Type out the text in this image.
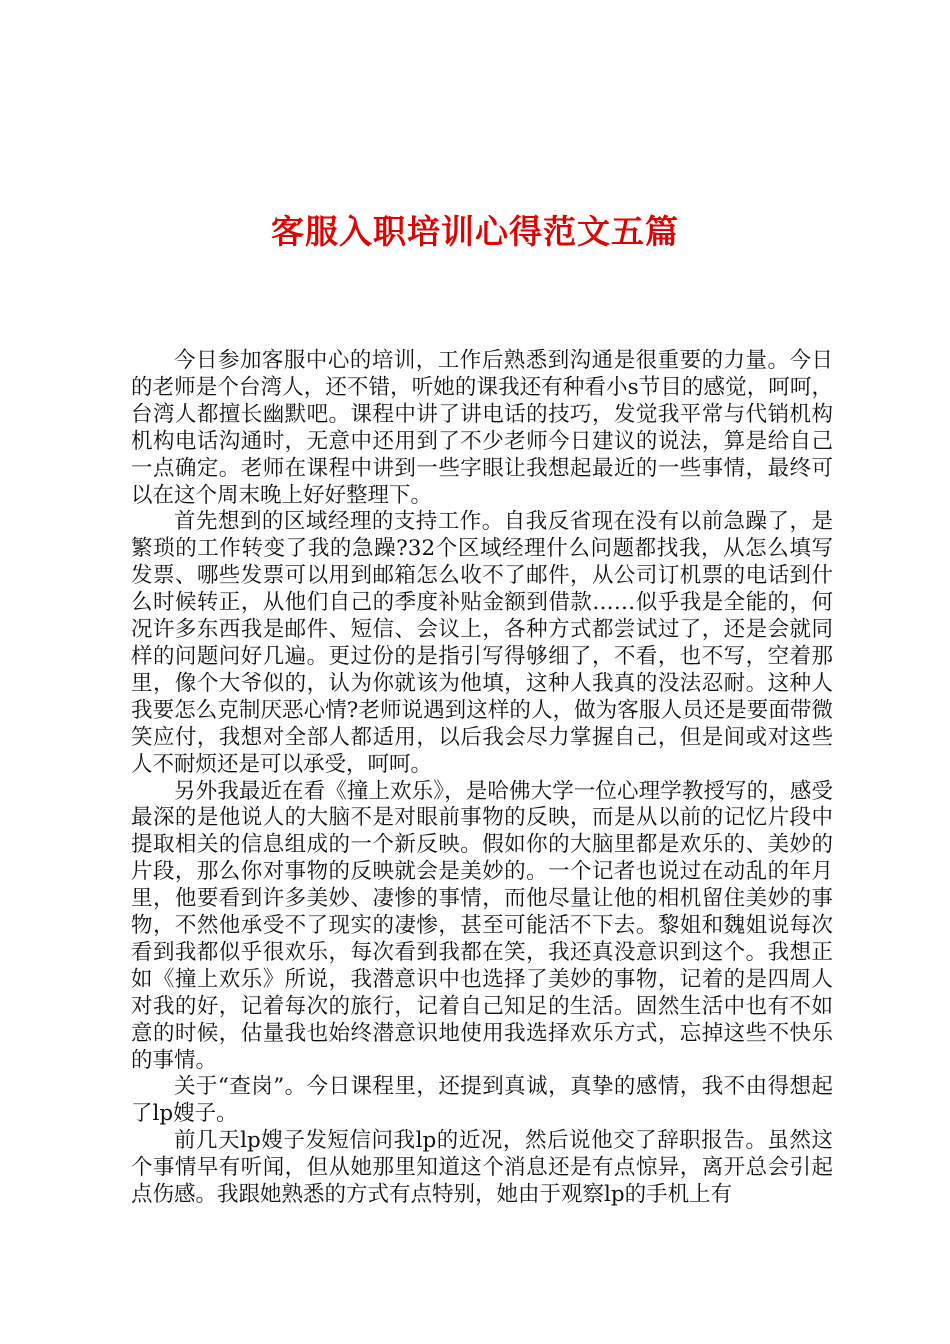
客服入职培训心得范文五篇

今日参加客服中心的培训，工作后熟悉到沟通是很重要的力量。今日的老师是个台湾人，还不错，听她的课我还有种看小s节目的感觉，呵呵，台湾人都擅长幽默吧。课程中讲了讲电话的技巧，发觉我平常与代销机构机构电话沟通时，无意中还用到了不少老师今日建议的说法，算是给自己一点确定。老师在课程中讲到一些字眼让我想起最近的一些事情，最终可以在这个周末晚上好好整理下。

首先想到的区域经理的支持工作。自我反省现在没有以前急躁了，是繁琐的工作转变了我的急躁?32个区域经理什么问题都找我，从怎么填写发票、哪些发票可以用到邮箱怎么收不了邮件，从公司订机票的电话到什么时候转正，从他们自己的季度补贴金额到借款……似乎我是全能的，何况许多东西我是邮件、短信、会议上，各种方式都尝试过了，还是会就同样的问题问好几遍。更过份的是指引写得够细了，不看，也不写，空着那里，像个大爷似的，认为你就该为他填，这种人我真的没法忍耐。这种人我要怎么克制厌恶心情?老师说遇到这样的人，做为客服人员还是要面带微笑应付，我想对全部人都适用，以后我会尽力掌握自己，但是间或对这些人不耐烦还是可以承受，呵呵。

另外我最近在看《撞上欢乐》，是哈佛大学一位心理学教授写的，感受最深的是他说人的大脑不是对眼前事物的反映，而是从以前的记忆片段中提取相关的信息组成的一个新反映。假如你的大脑里都是欢乐的、美妙的片段，那么你对事物的反映就会是美妙的。一个记者也说过在动乱的年月里，他要看到许多美妙、凄惨的事情，而他尽量让他的相机留住美妙的事物，不然他承受不了现实的凄惨，甚至可能活不下去。黎姐和魏姐说每次看到我都似乎很欢乐，每次看到我都在笑，我还真没意识到这个。我想正如《撞上欢乐》所说，我潜意识中也选择了美妙的事物，记着的是四周人对我的好，记着每次的旅行，记着自己知足的生活。固然生活中也有不如意的时候，估量我也始终潜意识地使用我选择欢乐方式，忘掉这些不快乐的事情。

关于“查岗”。今日课程里，还提到真诚，真挚的感情，我不由得想起了lp嫂子。

前几天lp嫂子发短信问我lp的近况，然后说他交了辞职报告。虽然这个事情早有听闻，但从她那里知道这个消息还是有点惊异，离开总会引起点伤感。我跟她熟悉的方式有点特别，她由于观察lp的手机上有
